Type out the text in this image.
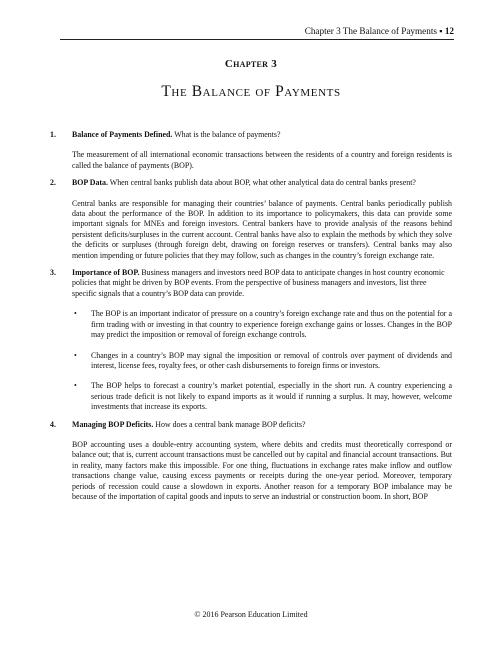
Chapter 3 The Balance of Payments ▪ 12
Chapter 3
The Balance of Payments
1. Balance of Payments Defined. What is the balance of payments?
The measurement of all international economic transactions between the residents of a country and foreign residents is called the balance of payments (BOP).
2. BOP Data. When central banks publish data about BOP, what other analytical data do central banks present?
Central banks are responsible for managing their countries’ balance of payments. Central banks periodically publish data about the performance of the BOP. In addition to its importance to policymakers, this data can provide some important signals for MNEs and foreign investors. Central bankers have to provide analysis of the reasons behind persistent deficits/surpluses in the current account. Central banks have also to explain the methods by which they solve the deficits or surpluses (through foreign debt, drawing on foreign reserves or transfers). Central banks may also mention impending or future policies that they may follow, such as changes in the country’s foreign exchange rate.
3. Importance of BOP. Business managers and investors need BOP data to anticipate changes in host country economic policies that might be driven by BOP events. From the perspective of business managers and investors, list three specific signals that a country’s BOP data can provide.
• The BOP is an important indicator of pressure on a country’s foreign exchange rate and thus on the potential for a firm trading with or investing in that country to experience foreign exchange gains or losses. Changes in the BOP may predict the imposition or removal of foreign exchange controls.
• Changes in a country’s BOP may signal the imposition or removal of controls over payment of dividends and interest, license fees, royalty fees, or other cash disbursements to foreign firms or investors.
• The BOP helps to forecast a country’s market potential, especially in the short run. A country experiencing a serious trade deficit is not likely to expand imports as it would if running a surplus. It may, however, welcome investments that increase its exports.
4. Managing BOP Deficits. How does a central bank manage BOP deficits?
BOP accounting uses a double-entry accounting system, where debits and credits must theoretically correspond or balance out; that is, current account transactions must be cancelled out by capital and financial account transactions. But in reality, many factors make this impossible. For one thing, fluctuations in exchange rates make inflow and outflow transactions change value, causing excess payments or receipts during the one-year period. Moreover, temporary periods of recession could cause a slowdown in exports. Another reason for a temporary BOP imbalance may be because of the importation of capital goods and inputs to serve an industrial or construction boom. In short, BOP
© 2016 Pearson Education Limited
